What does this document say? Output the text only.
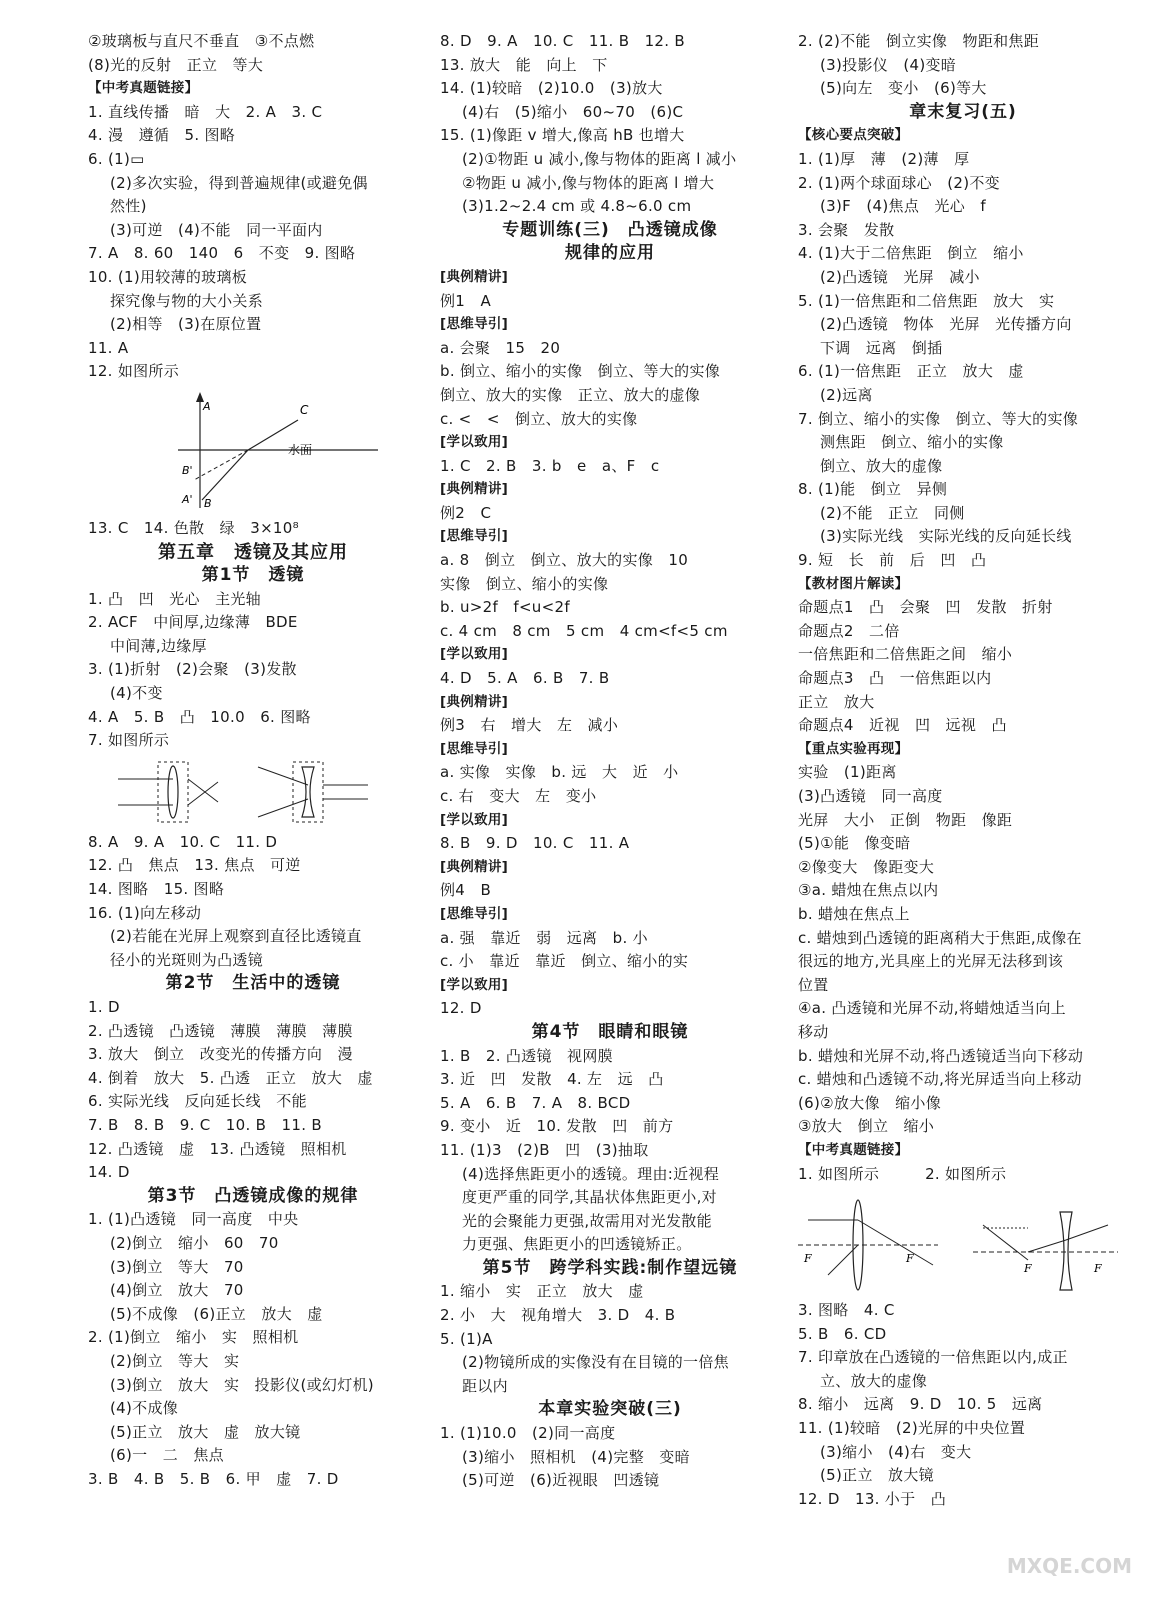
②玻璃板与直尺不垂直　③不点燃
(8)光的反射　正立　等大
【中考真题链接】
1. 直线传播　暗　大　2. A　3. C
4. 漫　遵循　5. 图略
6. (1)▭
(2)多次实验，得到普遍规律(或避免偶
然性)
(3)可逆　(4)不能　同一平面内
7. A　8. 60　140　6　不变　9. 图略
10. (1)用较薄的玻璃板
探究像与物的大小关系
(2)相等　(3)在原位置
11. A
12. 如图所示
C
水面
B'
A' B
A
13. C　14. 色散　绿　3×10⁸
第五章　透镜及其应用
第1节　透镜
1. 凸　凹　光心　主光轴
2. ACF　中间厚,边缘薄　BDE
中间薄,边缘厚
3. (1)折射　(2)会聚　(3)发散
(4)不变
4. A　5. B　凸　10.0　6. 图略
7. 如图所示
8. A　9. A　10. C　11. D
12. 凸　焦点　13. 焦点　可逆
14. 图略　15. 图略
16. (1)向左移动
(2)若能在光屏上观察到直径比透镜直
径小的光斑则为凸透镜
第2节　生活中的透镜
1. D
2. 凸透镜　凸透镜　薄膜　薄膜　薄膜
3. 放大　倒立　改变光的传播方向　漫
4. 倒着　放大　5. 凸透　正立　放大　虚
6. 实际光线　反向延长线　不能
7. B　8. B　9. C　10. B　11. B
12. 凸透镜　虚　13. 凸透镜　照相机
14. D
第3节　凸透镜成像的规律
1. (1)凸透镜　同一高度　中央
(2)倒立　缩小　60　70
(3)倒立　等大　70
(4)倒立　放大　70
(5)不成像　(6)正立　放大　虚
2. (1)倒立　缩小　实　照相机
(2)倒立　等大　实
(3)倒立　放大　实　投影仪(或幻灯机)
(4)不成像
(5)正立　放大　虚　放大镜
(6)一　二　焦点
3. B　4. B　5. B　6. 甲　虚　7. D
8. D　9. A　10. C　11. B　12. B
13. 放大　能　向上　下
14. (1)较暗　(2)10.0　(3)放大
(4)右　(5)缩小　60~70　(6)C
15. (1)像距 v 增大,像高 hB 也增大
(2)①物距 u 减小,像与物体的距离 l 减小
②物距 u 减小,像与物体的距离 l 增大
(3)1.2~2.4 cm 或 4.8~6.0 cm
专题训练(三)　凸透镜成像
规律的应用
[典例精讲]
例1　A
[思维导引]
a. 会聚　15　20
b. 倒立、缩小的实像　倒立、等大的实像
倒立、放大的实像　正立、放大的虚像
c. <　<　倒立、放大的实像
[学以致用]
1. C　2. B　3. b　e　a、F　c
[典例精讲]
例2　C
[思维导引]
a. 8　倒立　倒立、放大的实像　10
实像　倒立、缩小的实像
b. u>2f　f<u<2f
c. 4 cm　8 cm　5 cm　4 cm<f<5 cm
[学以致用]
4. D　5. A　6. B　7. B
[典例精讲]
例3　右　增大　左　减小
[思维导引]
a. 实像　实像　b. 远　大　近　小
c. 右　变大　左　变小
[学以致用]
8. B　9. D　10. C　11. A
[典例精讲]
例4　B
[思维导引]
a. 强　靠近　弱　远离　b. 小
c. 小　靠近　靠近　倒立、缩小的实
[学以致用]
12. D
第4节　眼睛和眼镜
1. B　2. 凸透镜　视网膜
3. 近　凹　发散　4. 左　远　凸
5. A　6. B　7. A　8. BCD
9. 变小　近　10. 发散　凹　前方
11. (1)3　(2)B　凹　(3)抽取
(4)选择焦距更小的透镜。理由:近视程
度更严重的同学,其晶状体焦距更小,对
光的会聚能力更强,故需用对光发散能
力更强、焦距更小的凹透镜矫正。
第5节　跨学科实践:制作望远镜
1. 缩小　实　正立　放大　虚
2. 小　大　视角增大　3. D　4. B
5. (1)A
(2)物镜所成的实像没有在目镜的一倍焦
距以内
本章实验突破(三)
1. (1)10.0　(2)同一高度
(3)缩小　照相机　(4)完整　变暗
(5)可逆　(6)近视眼　凹透镜
2. (2)不能　倒立实像　物距和焦距
(3)投影仪　(4)变暗
(5)向左　变小　(6)等大
章末复习(五)
【核心要点突破】
1. (1)厚　薄　(2)薄　厚
2. (1)两个球面球心　(2)不变
(3)F　(4)焦点　光心　f
3. 会聚　发散
4. (1)大于二倍焦距　倒立　缩小
(2)凸透镜　光屏　减小
5. (1)一倍焦距和二倍焦距　放大　实
(2)凸透镜　物体　光屏　光传播方向
下调　远离　倒插
6. (1)一倍焦距　正立　放大　虚
(2)远离
7. 倒立、缩小的实像　倒立、等大的实像
测焦距　倒立、缩小的实像
倒立、放大的虚像
8. (1)能　倒立　异侧
(2)不能　正立　同侧
(3)实际光线　实际光线的反向延长线
9. 短　长　前　后　凹　凸
【教材图片解读】
命题点1　凸　会聚　凹　发散　折射
命题点2　二倍
一倍焦距和二倍焦距之间　缩小
命题点3　凸　一倍焦距以内
正立　放大
命题点4　近视　凹　远视　凸
【重点实验再现】
实验　(1)距离
(3)凸透镜　同一高度
光屏　大小　正倒　物距　像距
(5)①能　像变暗
②像变大　像距变大
③a. 蜡烛在焦点以内
b. 蜡烛在焦点上
c. 蜡烛到凸透镜的距离稍大于焦距,成像在
很远的地方,光具座上的光屏无法移到该
位置
④a. 凸透镜和光屏不动,将蜡烛适当向上
移动
b. 蜡烛和光屏不动,将凸透镜适当向下移动
c. 蜡烛和凸透镜不动,将光屏适当向上移动
(6)②放大像　缩小像
③放大　倒立　缩小
【中考真题链接】
1. 如图所示　　　2. 如图所示
F	F
F	F
3. 图略　4. C
5. B　6. CD
7. 印章放在凸透镜的一倍焦距以内,成正
立、放大的虚像
8. 缩小　远离　9. D　10. 5　远离
11. (1)较暗　(2)光屏的中央位置
(3)缩小　(4)右　变大
(5)正立　放大镜
12. D　13. 小于　凸
MXQE.COM
